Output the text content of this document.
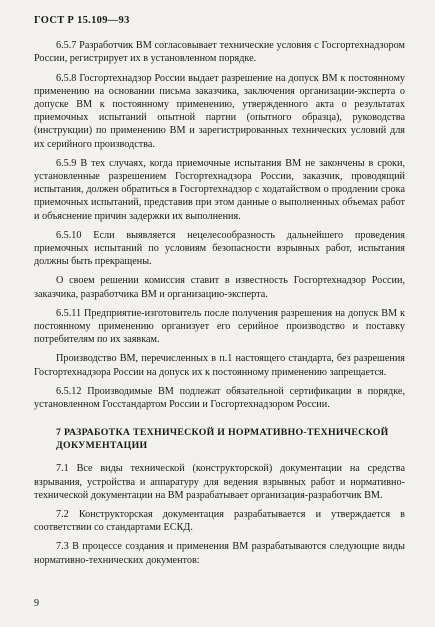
ГОСТ Р 15.109—93

6.5.7 Разработчик ВМ согласовывает технические условия с Госгортехнадзором России, регистрирует их в установленном порядке.

6.5.8 Госгортехнадзор России выдает разрешение на допуск ВМ к постоянному применению на основании письма заказчика, заключения организации-эксперта о допуске ВМ к постоянному применению, утвержденного акта о результатах приемочных испытаний опытной партии (опытного образца), руководства (инструкции) по применению ВМ и зарегистрированных технических условий для их серийного производства.

6.5.9 В тех случаях, когда приемочные испытания ВМ не закончены в сроки, установленные разрешением Госгортехнадзора России, заказчик, проводящий испытания, должен обратиться в Госгортехнадзор с ходатайством о продлении срока приемочных испытаний, представив при этом данные о выполненных объемах работ и объяснение причин задержки их выполнения.

6.5.10 Если выявляется нецелесообразность дальнейшего проведения приемочных испытаний по условиям безопасности взрывных работ, испытания должны быть прекращены.

О своем решении комиссия ставит в известность Госгортехнадзор России, заказчика, разработчика ВМ и организацию-эксперта.

6.5.11 Предприятие-изготовитель после получения разрешения на допуск ВМ к постоянному применению организует его серийное производство и поставку потребителям по их заявкам.

Производство ВМ, перечисленных в п.1 настоящего стандарта, без разрешения Госгортехнадзора России на допуск их к постоянному применению запрещается.

6.5.12 Производимые ВМ подлежат обязательной сертификации в порядке, установленном Госстандартом России и Госгортехнадзором России.

7 РАЗРАБОТКА ТЕХНИЧЕСКОЙ И НОРМАТИВНО-ТЕХНИЧЕСКОЙ ДОКУМЕНТАЦИИ

7.1 Все виды технической (конструкторской) документации на средства взрывания, устройства и аппаратуру для ведения взрывных работ и нормативно-технической документации на ВМ разрабатывает организация-разработчик ВМ.

7.2 Конструкторская документация разрабатывается и утверждается в соответствии со стандартами ЕСКД.

7.3 В процессе создания и применения ВМ разрабатываются следующие виды нормативно-технических документов:

9
